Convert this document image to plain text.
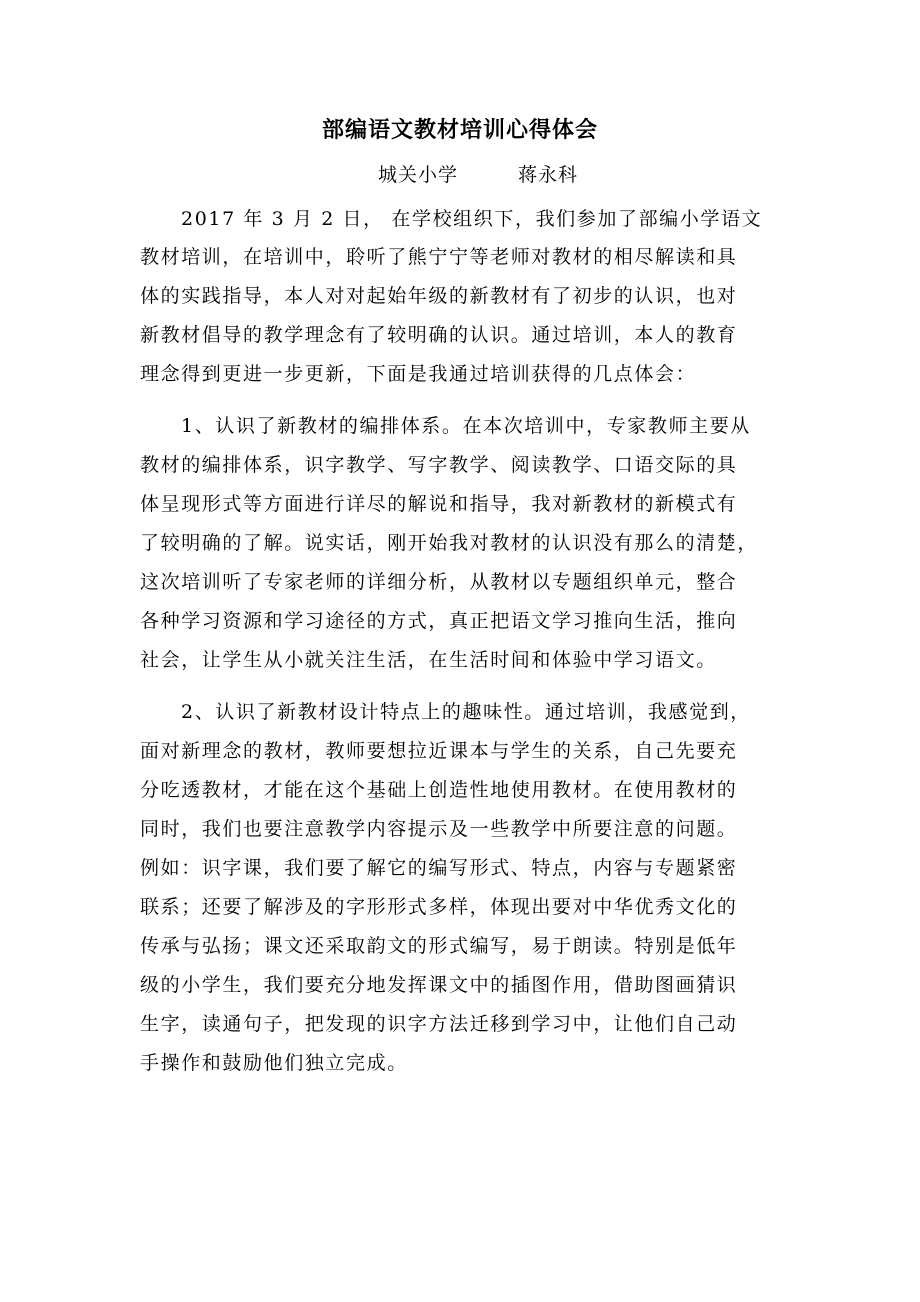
部编语文教材培训心得体会
城关小学　　　蒋永科
2017 年 3 月 2 日， 在学校组织下，我们参加了部编小学语文
教材培训，在培训中，聆听了熊宁宁等老师对教材的相尽解读和具
体的实践指导，本人对对起始年级的新教材有了初步的认识，也对
新教材倡导的教学理念有了较明确的认识。通过培训，本人的教育
理念得到更进一步更新，下面是我通过培训获得的几点体会：
1、认识了新教材的编排体系。在本次培训中，专家教师主要从
教材的编排体系，识字教学、写字教学、阅读教学、口语交际的具
体呈现形式等方面进行详尽的解说和指导，我对新教材的新模式有
了较明确的了解。说实话，刚开始我对教材的认识没有那么的清楚，
这次培训听了专家老师的详细分析，从教材以专题组织单元，整合
各种学习资源和学习途径的方式，真正把语文学习推向生活，推向
社会，让学生从小就关注生活，在生活时间和体验中学习语文。
2、认识了新教材设计特点上的趣味性。通过培训，我感觉到，
面对新理念的教材，教师要想拉近课本与学生的关系，自己先要充
分吃透教材，才能在这个基础上创造性地使用教材。在使用教材的
同时，我们也要注意教学内容提示及一些教学中所要注意的问题。
例如：识字课，我们要了解它的编写形式、特点，内容与专题紧密
联系；还要了解涉及的字形形式多样，体现出要对中华优秀文化的
传承与弘扬；课文还采取韵文的形式编写，易于朗读。特别是低年
级的小学生，我们要充分地发挥课文中的插图作用，借助图画猜识
生字，读通句子，把发现的识字方法迁移到学习中，让他们自己动
手操作和鼓励他们独立完成。
